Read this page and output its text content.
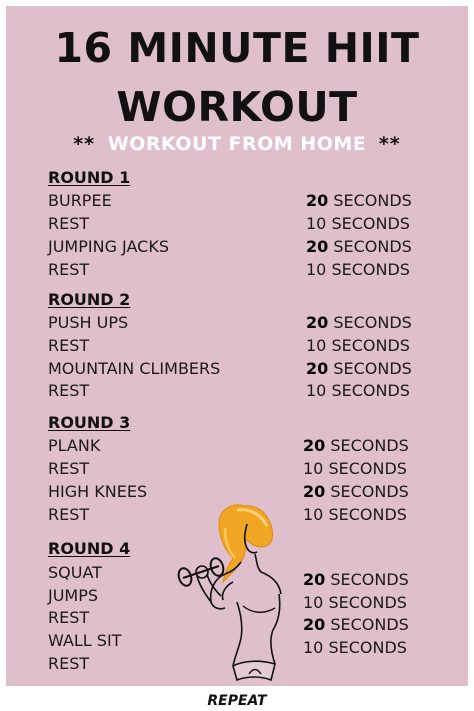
16 MINUTE HIIT
WORKOUT
** WORKOUT FROM HOME **
ROUND 1
BURPEE
REST
JUMPING JACKS
REST
20 SECONDS
10 SECONDS
20 SECONDS
10 SECONDS
ROUND 2
PUSH UPS
REST
MOUNTAIN CLIMBERS
REST
20 SECONDS
10 SECONDS
20 SECONDS
10 SECONDS
ROUND 3
PLANK
REST
HIGH KNEES
REST
20 SECONDS
10 SECONDS
20 SECONDS
10 SECONDS
ROUND 4
SQUAT
JUMPS
REST
WALL SIT
REST
20 SECONDS
10 SECONDS
20 SECONDS
10 SECONDS
REPEAT
